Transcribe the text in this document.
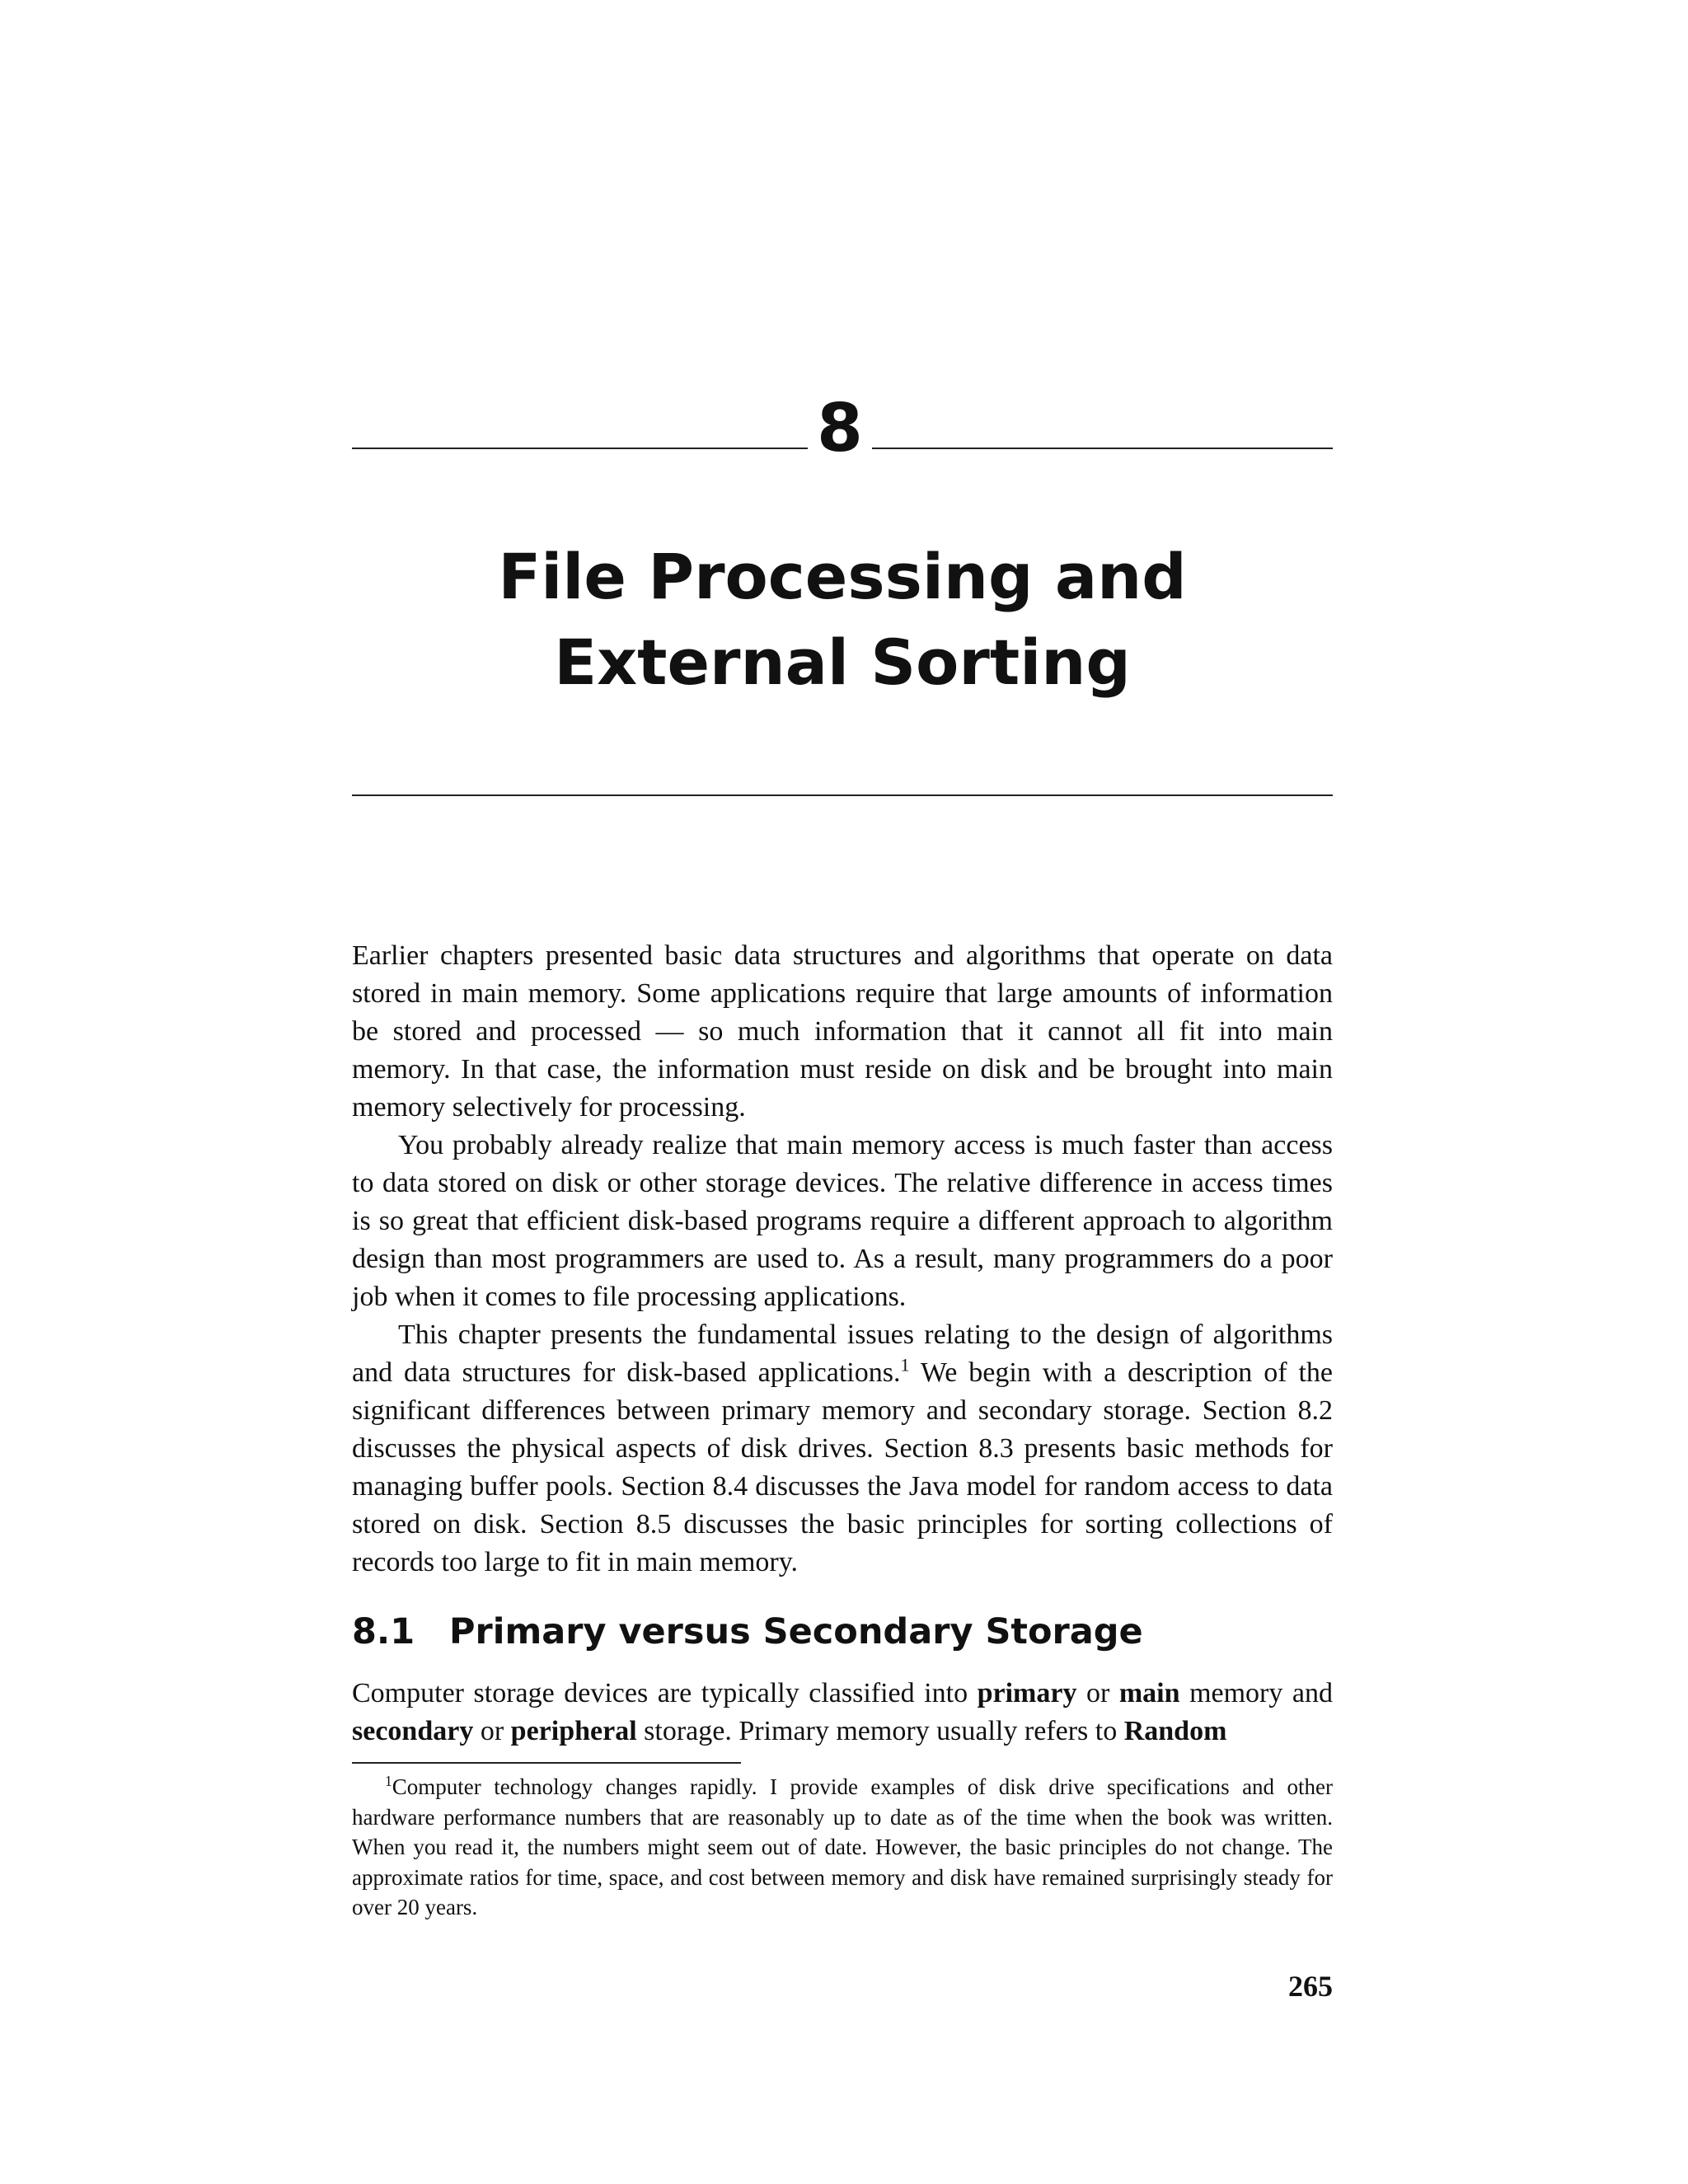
8
File Processing and External Sorting

Earlier chapters presented basic data structures and algorithms that operate on data stored in main memory. Some applications require that large amounts of information be stored and processed — so much information that it cannot all fit into main memory. In that case, the information must reside on disk and be brought into main memory selectively for processing.

You probably already realize that main memory access is much faster than access to data stored on disk or other storage devices. The relative difference in access times is so great that efficient disk-based programs require a different approach to algorithm design than most programmers are used to. As a result, many programmers do a poor job when it comes to file processing applications.

This chapter presents the fundamental issues relating to the design of algorithms and data structures for disk-based applications.$^1$ We begin with a description of the significant differences between primary memory and secondary storage. Section 8.2 discusses the physical aspects of disk drives. Section 8.3 presents basic methods for managing buffer pools. Section 8.4 discusses the Java model for random access to data stored on disk. Section 8.5 discusses the basic principles for sorting collections of records too large to fit in main memory.

8.1 Primary versus Secondary Storage

Computer storage devices are typically classified into primary or main memory and secondary or peripheral storage. Primary memory usually refers to Random

$^1$Computer technology changes rapidly. I provide examples of disk drive specifications and other hardware performance numbers that are reasonably up to date as of the time when the book was written. When you read it, the numbers might seem out of date. However, the basic principles do not change. The approximate ratios for time, space, and cost between memory and disk have remained surprisingly steady for over 20 years.

265
